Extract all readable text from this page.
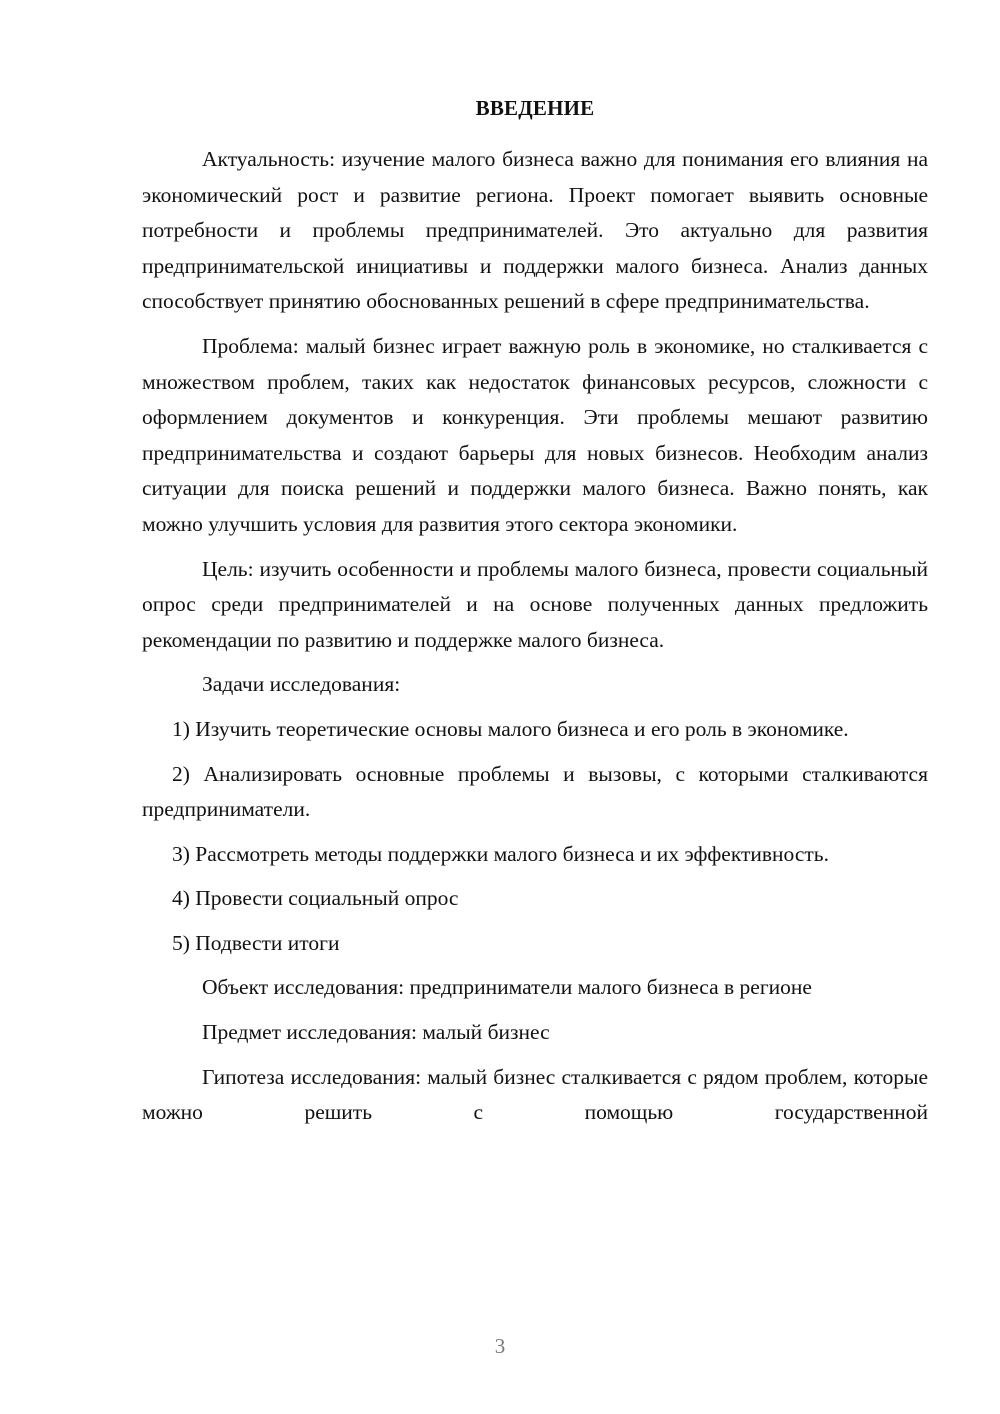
ВВЕДЕНИЕ

Актуальность: изучение малого бизнеса важно для понимания его влияния на экономический рост и развитие региона. Проект помогает выявить основные потребности и проблемы предпринимателей. Это актуально для развития предпринимательской инициативы и поддержки малого бизнеса. Анализ данных способствует принятию обоснованных решений в сфере предпринимательства.

Проблема: малый бизнес играет важную роль в экономике, но сталкивается с множеством проблем, таких как недостаток финансовых ресурсов, сложности с оформлением документов и конкуренция. Эти проблемы мешают развитию предпринимательства и создают барьеры для новых бизнесов. Необходим анализ ситуации для поиска решений и поддержки малого бизнеса. Важно понять, как можно улучшить условия для развития этого сектора экономики.

Цель: изучить особенности и проблемы малого бизнеса, провести социальный опрос среди предпринимателей и на основе полученных данных предложить рекомендации по развитию и поддержке малого бизнеса.

Задачи исследования:

1) Изучить теоретические основы малого бизнеса и его роль в экономике.

2) Анализировать основные проблемы и вызовы, с которыми сталкиваются предприниматели.

3) Рассмотреть методы поддержки малого бизнеса и их эффективность.

4) Провести социальный опрос

5) Подвести итоги

Объект исследования: предприниматели малого бизнеса в регионе

Предмет исследования: малый бизнес

Гипотеза исследования: малый бизнес сталкивается с рядом проблем, которые можно решить с помощью государственной

3
